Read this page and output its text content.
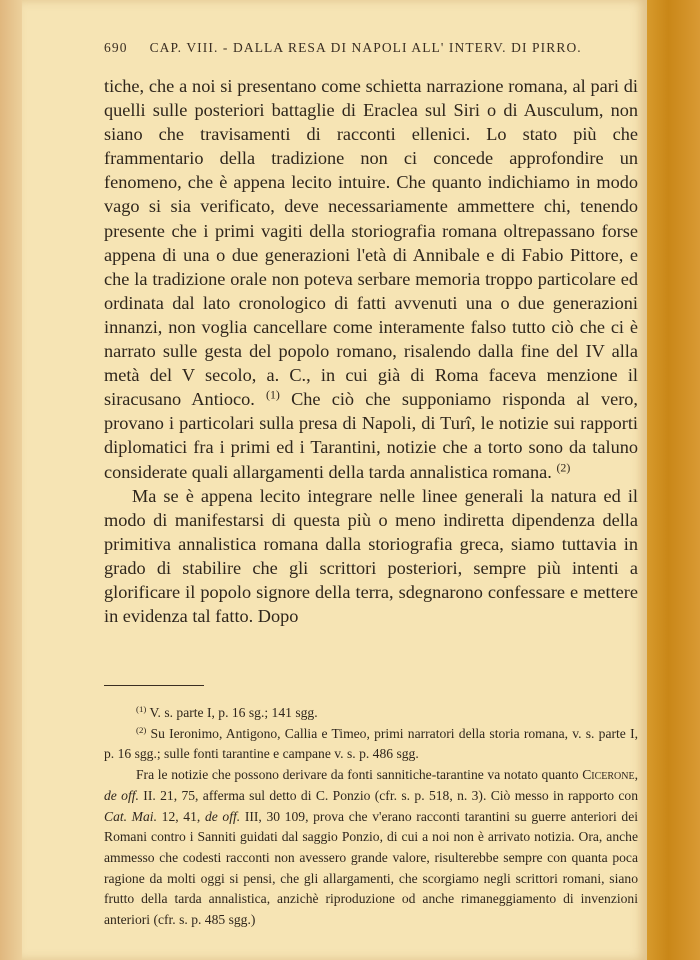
690 CAP. VIII. - DALLA RESA DI NAPOLI ALL' INTERV. DI PIRRO.

tiche, che a noi si presentano come schietta narrazione romana, al pari di quelli sulle posteriori battaglie di Eraclea sul Siri o di Ausculum, non siano che travisamenti di racconti ellenici. Lo stato più che frammentario della tradizione non ci concede approfondire un fenomeno, che è appena lecito intuire. Che quanto indichiamo in modo vago si sia verificato, deve necessariamente ammettere chi, tenendo presente che i primi vagiti della storiografia romana oltrepassano forse appena di una o due generazioni l'età di Annibale e di Fabio Pittore, e che la tradizione orale non poteva serbare memoria troppo particolare ed ordinata dal lato cronologico di fatti avvenuti una o due generazioni innanzi, non voglia cancellare come interamente falso tutto ciò che ci è narrato sulle gesta del popolo romano, risalendo dalla fine del IV alla metà del V secolo, a. C., in cui già di Roma faceva menzione il siracusano Antioco. $^{(1)}$ Che ciò che supponiamo risponda al vero, provano i particolari sulla presa di Napoli, di Turî, le notizie sui rapporti diplomatici fra i primi ed i Tarantini, notizie che a torto sono da taluno considerate quali allargamenti della tarda annalistica romana. $^{(2)}$

Ma se è appena lecito integrare nelle linee generali la natura ed il modo di manifestarsi di questa più o meno indiretta dipendenza della primitiva annalistica romana dalla storiografia greca, siamo tuttavia in grado di stabilire che gli scrittori posteriori, sempre più intenti a glorificare il popolo signore della terra, sdegnarono confessare e mettere in evidenza tal fatto. Dopo

$^{(1)}$ V. s. parte I, p. 16 sg.; 141 sgg.

$^{(2)}$ Su Ieronimo, Antigono, Callia e Timeo, primi narratori della storia romana, v. s. parte I, p. 16 sgg.; sulle fonti tarantine e campane v. s. p. 486 sgg.

Fra le notizie che possono derivare da fonti sannitiche-tarantine va notato quanto Cicerone, de off. II. 21, 75, afferma sul detto di C. Ponzio (cfr. s. p. 518, n. 3). Ciò messo in rapporto con Cat. Mai. 12, 41, de off. III, 30 109, prova che v'erano racconti tarantini su guerre anteriori dei Romani contro i Sanniti guidati dal saggio Ponzio, di cui a noi non è arrivato notizia. Ora, anche ammesso che codesti racconti non avessero grande valore, risulterebbe sempre con quanta poca ragione da molti oggi si pensi, che gli allargamenti, che scorgiamo negli scrittori romani, siano frutto della tarda annalistica, anzichè riproduzione od anche rimaneggiamento di invenzioni anteriori (cfr. s. p. 485 sgg.)
